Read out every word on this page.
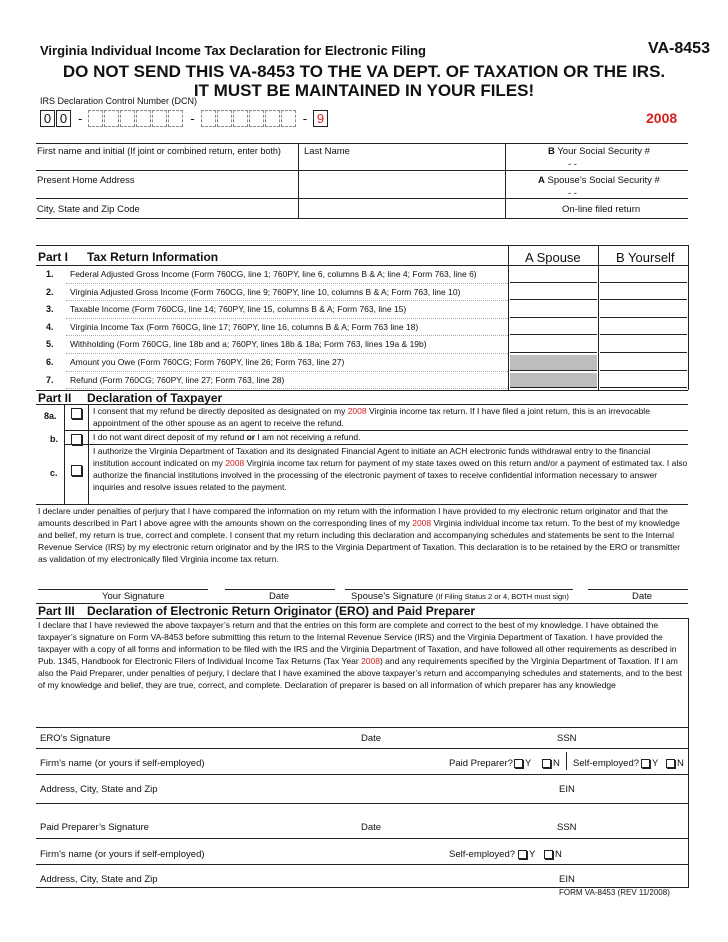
Virginia Individual Income Tax Declaration for Electronic Filing	VA-8453
DO NOT SEND THIS VA-8453 TO THE VA DEPT. OF TAXATION OR THE IRS.
IT MUST BE MAINTAINED IN YOUR FILES!
IRS Declaration Control Number (DCN)
0 0 -	-	- 9	2008
First name and initial (If joint or combined return, enter both) Last Name	B Your Social Security #
- -
Present Home Address	A Spouse’s Social Security #
- -
City, State and Zip Code	On-line filed return
Part I Tax Return Information	A Spouse	B Yourself
1. Federal Adjusted Gross Income (Form 760CG, line 1; 760PY, line 6, columns B & A; line 4; Form 763, line 6)
2. Virginia Adjusted Gross Income (Form 760CG, line 9; 760PY, line 10, columns B & A; Form 763, line 10)
3. Taxable Income (Form 760CG, line 14; 760PY, line 15, columns B & A; Form 763, line 15)
4. Virginia Income Tax (Form 760CG, line 17; 760PY, line 16, columns B & A; Form 763 line 18)
5. Withholding (Form 760CG, line 18b and a; 760PY, lines 18b & 18a; Form 763, lines 19a & 19b)
6. Amount you Owe (Form 760CG; Form 760PY, line 26; Form 763, line 27)
7. Refund (Form 760CG; 760PY, line 27; Form 763, line 28)
Part II Declaration of Taxpayer
8a.	I consent that my refund be directly deposited as designated on my 2008 Virginia income tax return. If I have filed a joint return, this is an irrevocable appointment of the other spouse as an agent to receive the refund.
b.	I do not want direct deposit of my refund or I am not receiving a refund.
c.
I authorize the Virginia Department of Taxation and its designated Financial Agent to initiate an ACH electronic funds withdrawal entry to the financial institution account indicated on my 2008 Virginia income tax return for payment of my state taxes owed on this return and/or a payment of estimated tax. I also authorize the financial institutions involved in the processing of the electronic payment of taxes to receive confidential information necessary to answer inquiries and resolve issues related to the payment.
I declare under penalties of perjury that I have compared the information on my return with the information I have provided to my electronic return originator and that the amounts described in Part I above agree with the amounts shown on the corresponding lines of my 2008 Virginia individual income tax return. To the best of my knowledge and belief, my return is true, correct and complete. I consent that my return including this declaration and accompanying schedules and statements be sent to the Internal Revenue Service (IRS) by my electronic return originator and by the IRS to the Virginia Department of Taxation. This declaration is to be retained by the ERO or transmitter as validation of my electronically filed Virginia income tax return.
Your Signature	Date	Spouse’s Signature (If Filing Status 2 or 4, BOTH must sign)	Date
Part III Declaration of Electronic Return Originator (ERO) and Paid Preparer
I declare that I have reviewed the above taxpayer’s return and that the entries on this form are complete and correct to the best of my knowledge. I have obtained the taxpayer’s signature on Form VA-8453 before submitting this return to the Internal Revenue Service (IRS) and the Virginia Department of Taxation. I have provided the taxpayer with a copy of all forms and information to be filed with the IRS and the Virginia Department of Taxation, and have followed all other requirements as described in Pub. 1345, Handbook for Electronic Filers of Individual Income Tax Returns (Tax Year 2008) and any requirements specified by the Virginia Department of Taxation. If I am also the Paid Preparer, under penalties of perjury, I declare that I have examined the above taxpayer’s return and accompanying schedules and statements, and to the best of my knowledge and belief, they are true, correct, and complete. Declaration of preparer is based on all information of which preparer has any knowledge
ERO’s Signature	Date	SSN
Firm’s name (or yours if self-employed)	Paid Preparer?	Y	N Self-employed?	Y	N
Address, City, State and Zip	EIN
Paid Preparer’s Signature	Date	SSN
Firm’s name (or yours if self-employed)	Self-employed?	Y	N
Address, City, State and Zip	EIN
FORM VA-8453 (REV 11/2008)
